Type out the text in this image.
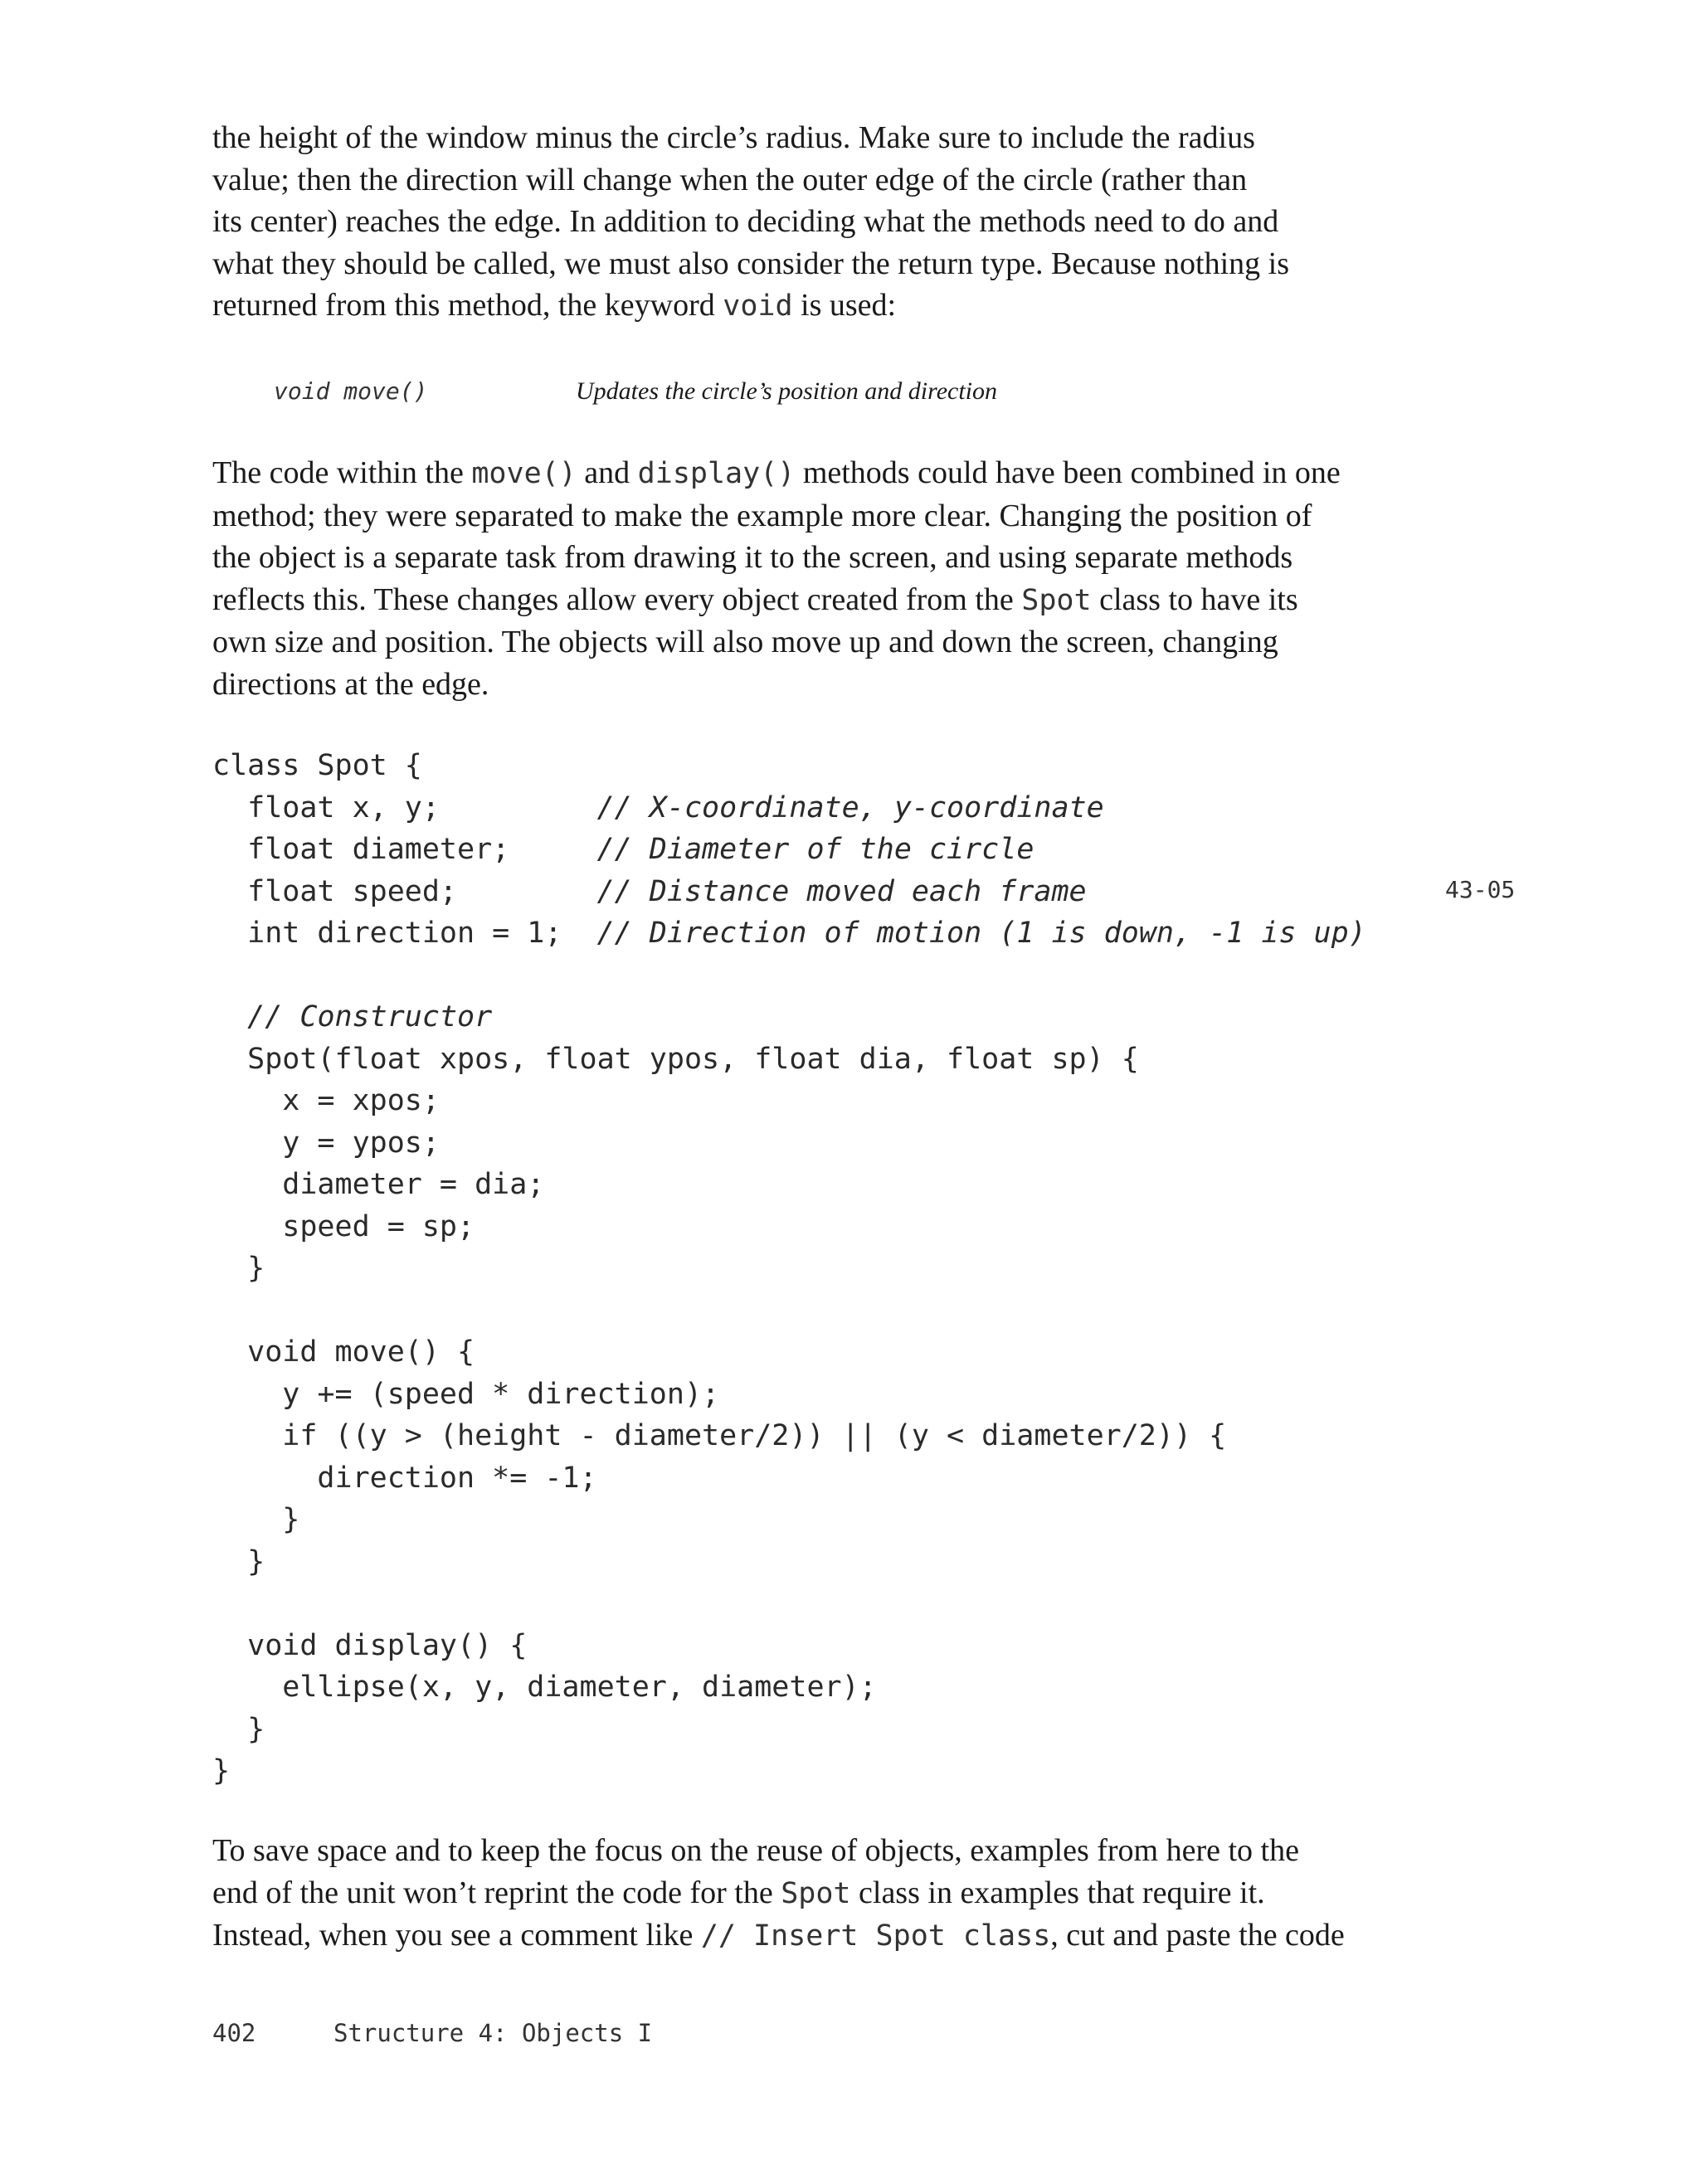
the height of the window minus the circle’s radius. Make sure to include the radius
value; then the direction will change when the outer edge of the circle (rather than
its center) reaches the edge. In addition to deciding what the methods need to do and
what they should be called, we must also consider the return type. Because nothing is
returned from this method, the keyword void is used:
void move()	Updates the circle’s position and direction
The code within the move() and display() methods could have been combined in one
method; they were separated to make the example more clear. Changing the position of
the object is a separate task from drawing it to the screen, and using separate methods
reflects this. These changes allow every object created from the Spot class to have its
own size and position. The objects will also move up and down the screen, changing
directions at the edge.
class Spot {
float x, y;         // X-coordinate, y-coordinate
float diameter;     // Diameter of the circle
float speed;        // Distance moved each frame
int direction = 1;  // Direction of motion (1 is down, -1 is up)
// Constructor
Spot(float xpos, float ypos, float dia, float sp) {
x = xpos;
y = ypos;
diameter = dia;
speed = sp;
}
void move() {
y += (speed * direction);
if ((y > (height - diameter/2)) || (y < diameter/2)) {
direction *= -1;
}
}
void display() {
ellipse(x, y, diameter, diameter);
}
}
43-05
To save space and to keep the focus on the reuse of objects, examples from here to the
end of the unit won’t reprint the code for the Spot class in examples that require it.
Instead, when you see a comment like // Insert Spot class, cut and paste the code

402

	Structure 4: Objects I
